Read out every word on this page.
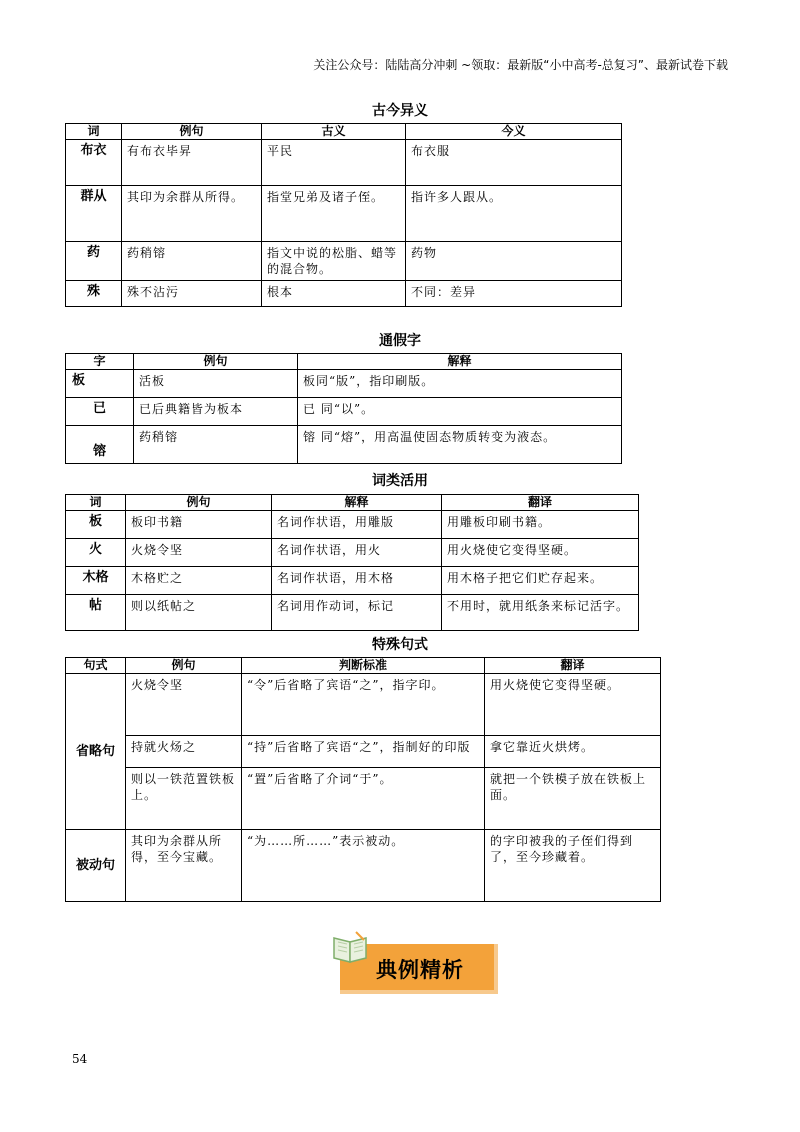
关注公众号：陆陆高分冲刺 ~领取：最新版“小中高考-总复习”、最新试卷下载
古今异义
词	例句	古义	今义
布衣	有布衣毕昇	平民	布衣服
群从	其印为余群从所得。	指堂兄弟及诸子侄。	指许多人跟从。
药	药稍镕	指文中说的松脂、蜡等的混合物。	药物
殊	殊不沾污	根本	不同：差异
通假字
字	例句	解释
板	活板	板同“版”，指印刷版。
已	已后典籍皆为板本	已 同“以”。
镕	药稍镕	镕 同“熔”，用高温使固态物质转变为液态。
词类活用
词	例句	解释	翻译
板	板印书籍	名词作状语，用雕版	用雕板印刷书籍。
火	火烧令坚	名词作状语，用火	用火烧使它变得坚硬。
木格	木格贮之	名词作状语，用木格	用木格子把它们贮存起来。
帖	则以纸帖之	名词用作动词，标记	不用时，就用纸条来标记活字。
特殊句式
句式	例句	判断标准	翻译
省略句	火烧令坚	“令”后省略了宾语“之”，指字印。	用火烧使它变得坚硬。
	持就火炀之	“持”后省略了宾语“之”，指制好的印版	拿它靠近火烘烤。
	则以一铁范置铁板上。	“置”后省略了介词“于”。	就把一个铁模子放在铁板上面。
被动句	其印为余群从所得，至今宝藏。	“为……所……”表示被动。	的字印被我的子侄们得到了，至今珍藏着。
典例精析
54
